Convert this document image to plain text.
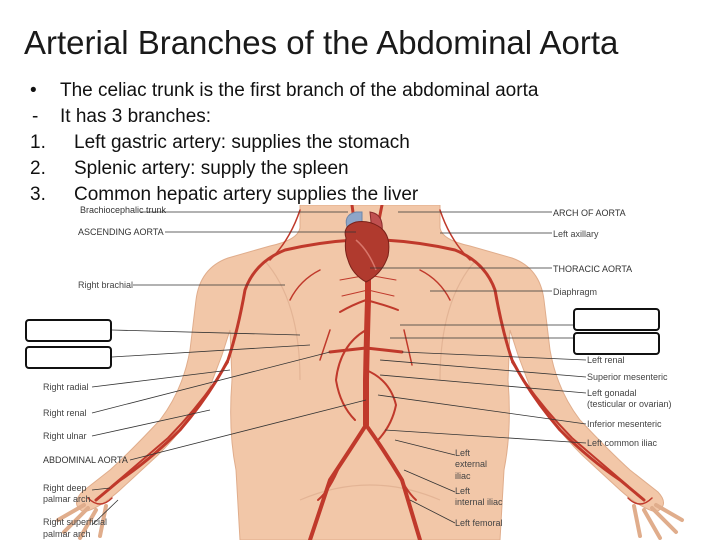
Arterial Branches of the Abdominal Aorta
• The celiac trunk is the first branch of the abdominal aorta
- It has 3 branches:
1. Left gastric artery: supplies the stomach
2. Splenic artery: supply the spleen
3. Common hepatic artery supplies the liver
Brachiocephalic trunk
ASCENDING AORTA
Right brachial
Right radial
Right renal
Right ulnar
ABDOMINAL AORTA
Right deep
palmar arch
Right superficial
palmar arch
ARCH OF AORTA
Left axillary
THORACIC AORTA
Diaphragm
Left renal
Superior mesenteric
Left gonadal
(testicular or ovarian)
Inferior mesenteric
Left common iliac
Left
external
iliac
Left
internal iliac
Left femoral
